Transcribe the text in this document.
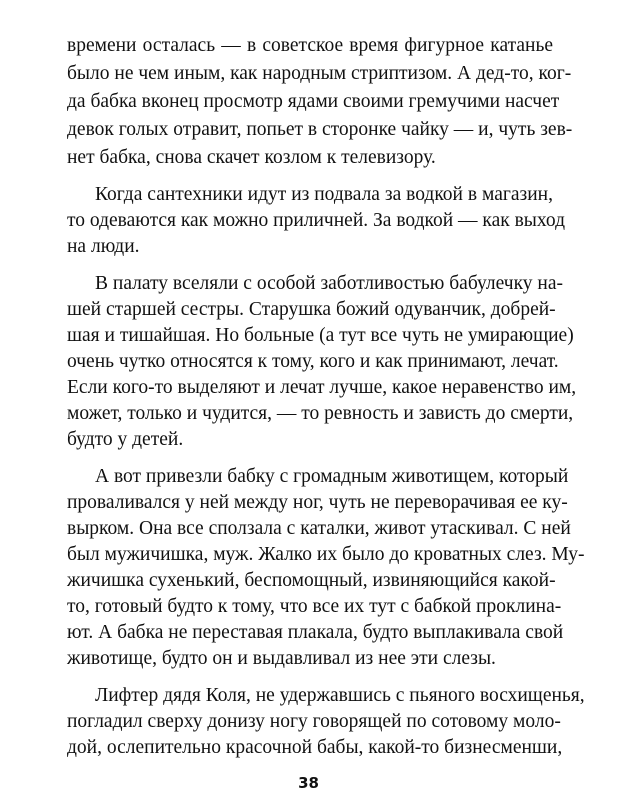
времени осталась — в советское время фигурное катанье
было не чем иным, как народным стриптизом. А дед-то, ког-
да бабка вконец просмотр ядами своими гремучими насчет
девок голых отравит, попьет в сторонке чайку — и, чуть зев-
нет бабка, снова скачет козлом к телевизору.
Когда сантехники идут из подвала за водкой в магазин,
то одеваются как можно приличней. За водкой — как выход
на люди.
В палату вселяли с особой заботливостью бабулечку на-
шей старшей сестры. Старушка божий одуванчик, добрей-
шая и тишайшая. Но больные (а тут все чуть не умирающие)
очень чутко относятся к тому, кого и как принимают, лечат.
Если кого-то выделяют и лечат лучше, какое неравенство им,
может, только и чудится, — то ревность и зависть до смерти,
будто у детей.
А вот привезли бабку с громадным животищем, который
проваливался у ней между ног, чуть не переворачивая ее ку-
вырком. Она все сползала с каталки, живот утаскивал. С ней
был мужичишка, муж. Жалко их было до кроватных слез. Му-
жичишка сухенький, беспомощный, извиняющийся какой-
то, готовый будто к тому, что все их тут с бабкой проклина-
ют. А бабка не переставая плакала, будто выплакивала свой
животище, будто он и выдавливал из нее эти слезы.
Лифтер дядя Коля, не удержавшись с пьяного восхищенья,
погладил сверху донизу ногу говорящей по сотовому моло-
дой, ослепительно красочной бабы, какой-то бизнесменши,
38
